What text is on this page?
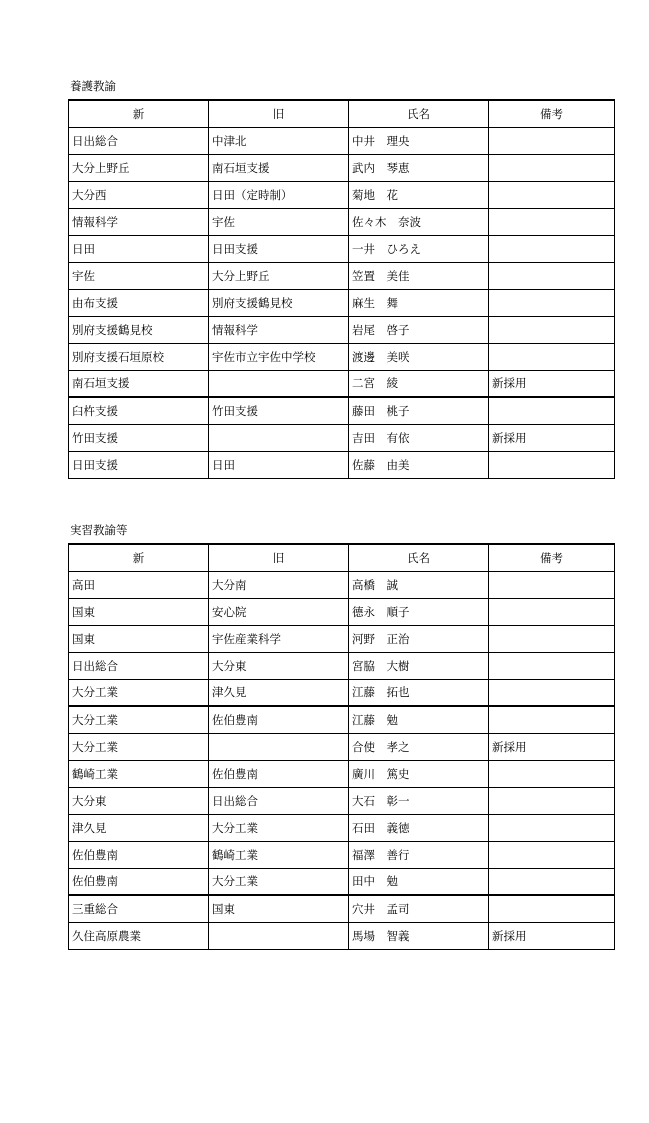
養護教諭
新	旧	氏名	備考
日出総合	中津北	中井　理央	
大分上野丘	南石垣支援	武内　琴恵	
大分西	日田（定時制）	菊地　花	
情報科学	宇佐	佐々木　奈波	
日田	日田支援	一井　ひろえ	
宇佐	大分上野丘	笠置　美佳	
由布支援	別府支援鶴見校	麻生　舞	
別府支援鶴見校	情報科学	岩尾　啓子	
別府支援石垣原校	宇佐市立宇佐中学校	渡邊　美咲	
南石垣支援		二宮　綾	新採用
臼杵支援	竹田支援	藤田　桃子	
竹田支援		吉田　有依	新採用
日田支援	日田	佐藤　由美	
実習教諭等
新	旧	氏名	備考
高田	大分南	高橋　誠	
国東	安心院	德永　順子	
国東	宇佐産業科学	河野　正治	
日出総合	大分東	宮脇　大樹	
大分工業	津久見	江藤　拓也	
大分工業	佐伯豊南	江藤　勉	
大分工業		合使　孝之	新採用
鶴崎工業	佐伯豊南	廣川　篤史	
大分東	日出総合	大石　彰一	
津久見	大分工業	石田　義徳	
佐伯豊南	鶴崎工業	福澤　善行	
佐伯豊南	大分工業	田中　勉	
三重総合	国東	穴井　孟司	
久住高原農業		馬場　智義	新採用
